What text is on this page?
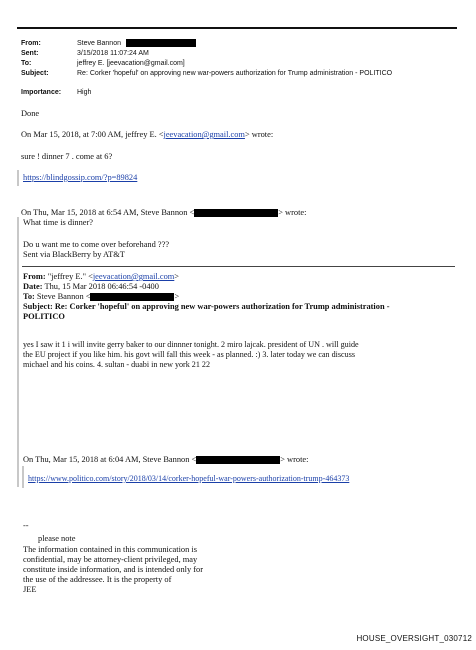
From:	Steve Bannon
Sent:	3/15/2018 11:07:24 AM
To:	jeffrey E. [jeevacation@gmail.com]
Subject:	Re: Corker 'hopeful' on approving new war-powers authorization for Trump administration - POLITICO
Importance: High
Done
On Mar 15, 2018, at 7:00 AM, jeffrey E. <jeevacation@gmail.com> wrote:
sure ! dinner 7 . come at 6?
https://blindgossip.com/?p=89824
On Thu, Mar 15, 2018 at 6:54 AM, Steve Bannon <	> wrote:
What time is dinner?
Do u want me to come over beforehand ???
Sent via BlackBerry by AT&T
From: "jeffrey E." <jeevacation@gmail.com>
Date: Thu, 15 Mar 2018 06:46:54 -0400
To: Steve Bannon <	>
Subject: Re: Corker 'hopeful' on approving new war-powers authorization for Trump administration -
POLITICO
yes I saw it 1 i will invite gerry baker to our dinnner tonight. 2 miro lajcak. president of UN . will guide
the EU project if you like him. his govt will fall this week - as planned. :) 3. later today we can discuss
michael and his coins. 4. sultan - duabi in new york 21 22
On Thu, Mar 15, 2018 at 6:04 AM, Steve Bannon <	> wrote:
https://www.politico.com/story/2018/03/14/corker-hopeful-war-powers-authorization-trump-464373
--
please note
The information contained in this communication is
confidential, may be attorney-client privileged, may
constitute inside information, and is intended only for
the use of the addressee. It is the property of
JEE
HOUSE_OVERSIGHT_030712
